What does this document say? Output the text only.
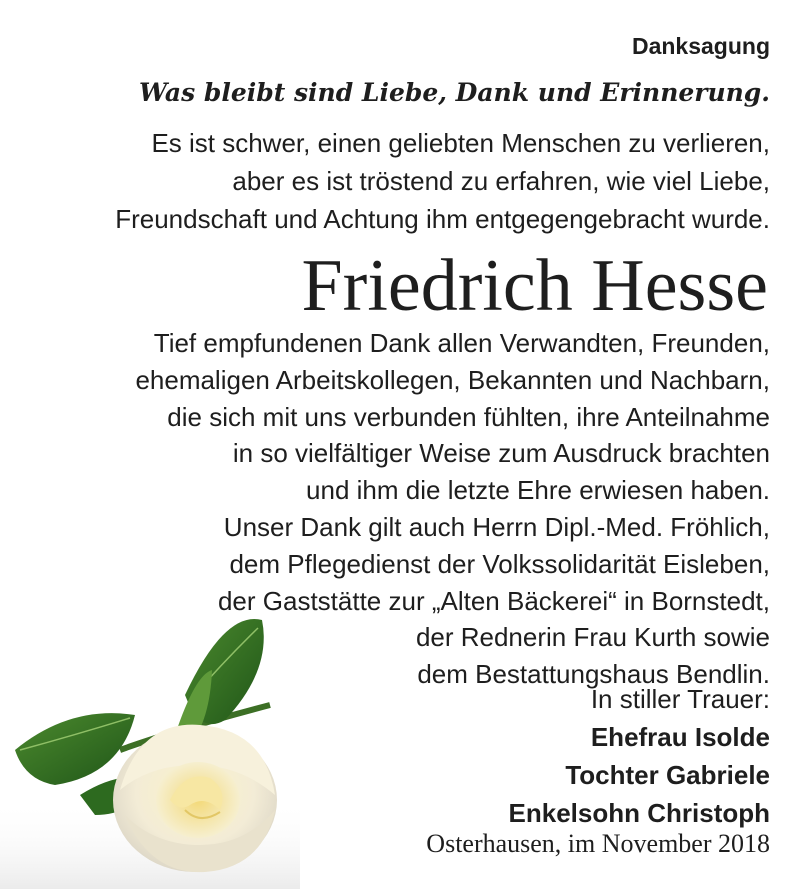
Danksagung
Was bleibt sind Liebe, Dank und Erinnerung.
Es ist schwer, einen geliebten Menschen zu verlieren,
aber es ist tröstend zu erfahren, wie viel Liebe,
Freundschaft und Achtung ihm entgegengebracht wurde.
Friedrich Hesse
Tief empfundenen Dank allen Verwandten, Freunden,
ehemaligen Arbeitskollegen, Bekannten und Nachbarn,
die sich mit uns verbunden fühlten, ihre Anteilnahme
in so vielfältiger Weise zum Ausdruck brachten
und ihm die letzte Ehre erwiesen haben.
Unser Dank gilt auch Herrn Dipl.-Med. Fröhlich,
dem Pflegedienst der Volkssolidarität Eisleben,
der Gaststätte zur „Alten Bäckerei“ in Bornstedt,
der Rednerin Frau Kurth sowie
dem Bestattungshaus Bendlin.
In stiller Trauer:
Ehefrau Isolde
Tochter Gabriele
Enkelsohn Christoph
Osterhausen, im November 2018
